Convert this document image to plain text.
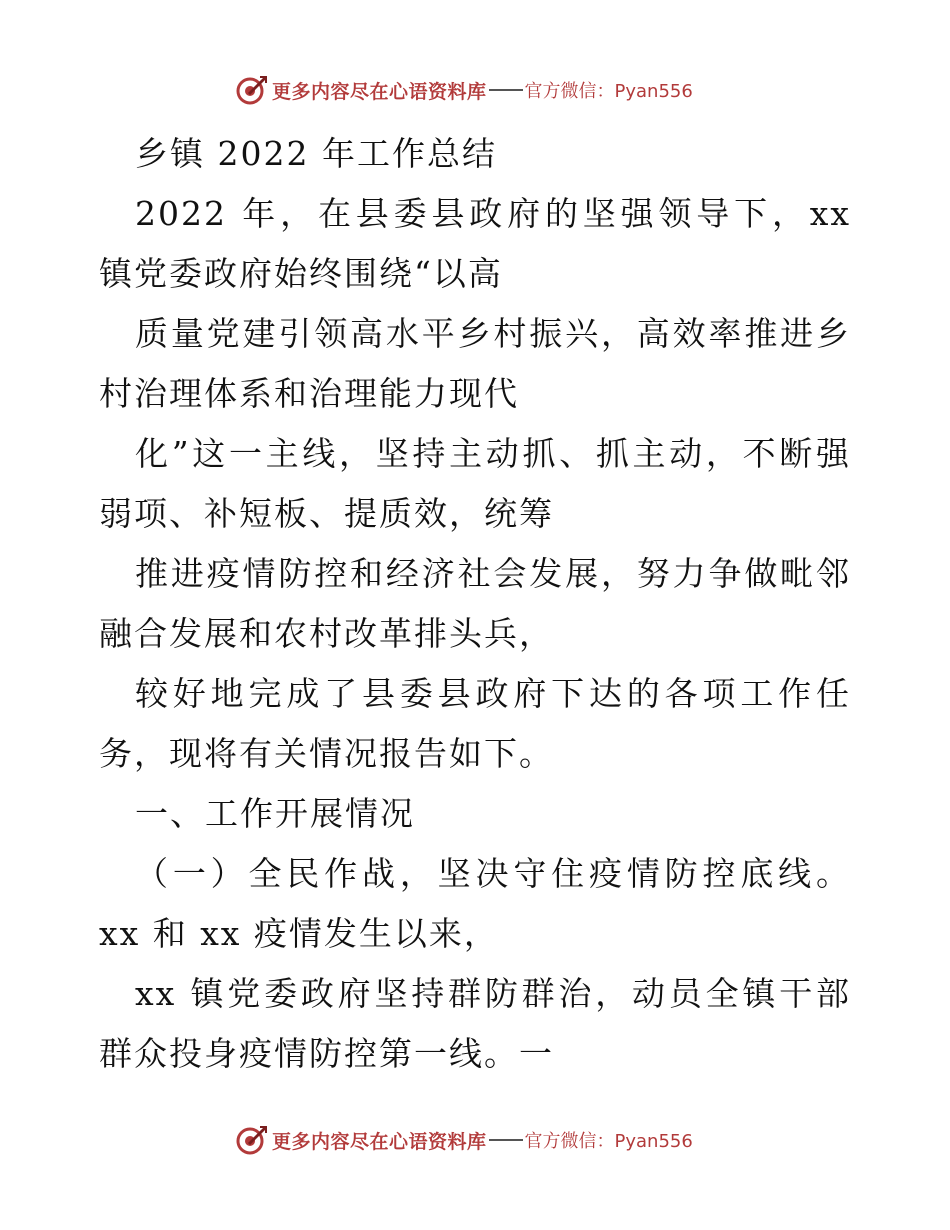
更多内容尽在心语资料库 官方微信：Pyan556

乡镇 2022 年工作总结

2022 年，在县委县政府的坚强领导下，xx 镇党委政府始终围绕“以高

质量党建引领高水平乡村振兴，高效率推进乡村治理体系和治理能力现代

化”这一主线，坚持主动抓、抓主动，不断强弱项、补短板、提质效，统筹

推进疫情防控和经济社会发展，努力争做毗邻融合发展和农村改革排头兵，

较好地完成了县委县政府下达的各项工作任务，现将有关情况报告如下。

一、工作开展情况

（一）全民作战，坚决守住疫情防控底线。 xx 和 xx 疫情发生以来，

xx 镇党委政府坚持群防群治，动员全镇干部群众投身疫情防控第一线。一

更多内容尽在心语资料库 官方微信：Pyan556
